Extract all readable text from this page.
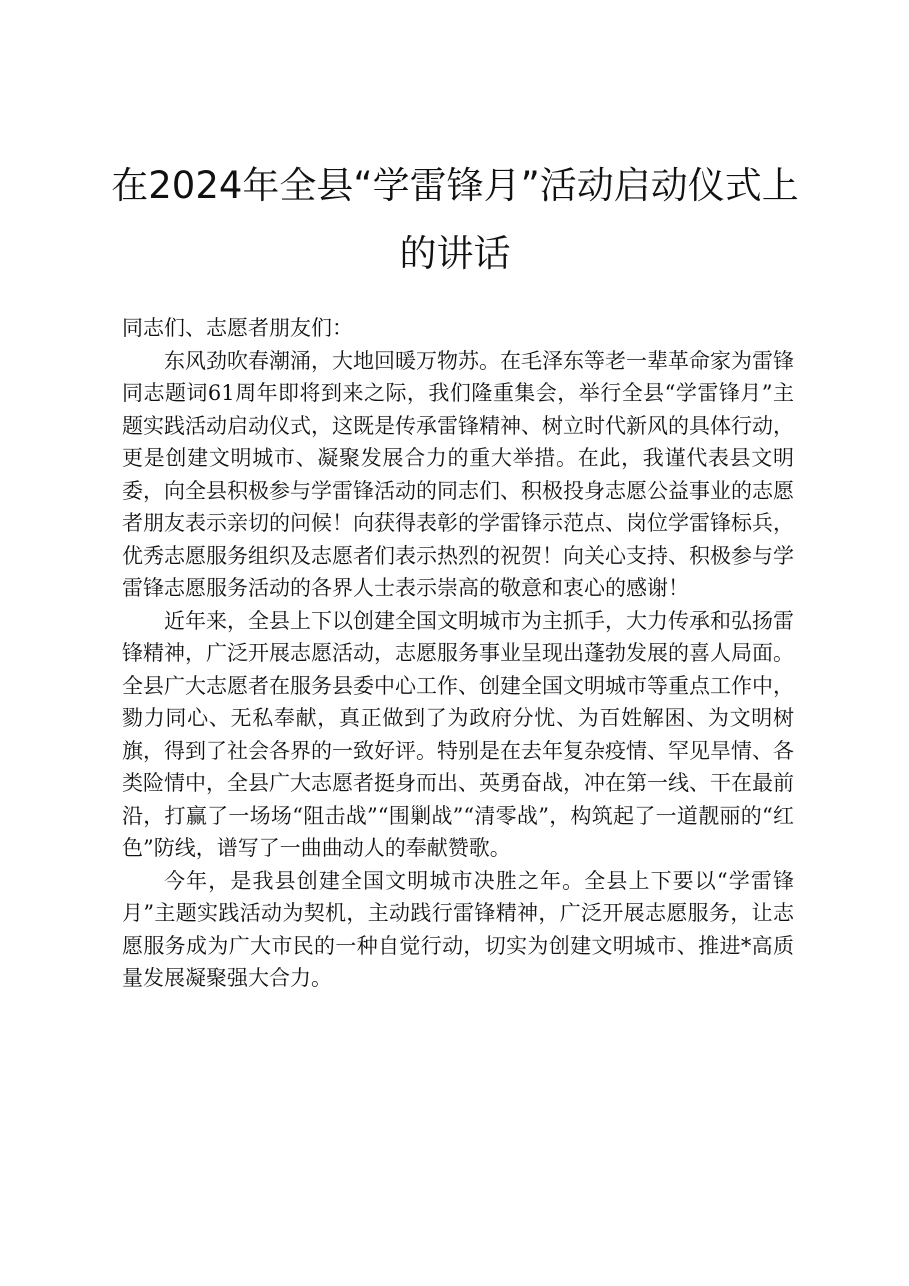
在2024年全县“学雷锋月”活动启动仪式上的讲话

同志们、志愿者朋友们：

东风劲吹春潮涌，大地回暖万物苏。在毛泽东等老一辈革命家为雷锋同志题词61周年即将到来之际，我们隆重集会，举行全县“学雷锋月”主题实践活动启动仪式，这既是传承雷锋精神、树立时代新风的具体行动，更是创建文明城市、凝聚发展合力的重大举措。在此，我谨代表县文明委，向全县积极参与学雷锋活动的同志们、积极投身志愿公益事业的志愿者朋友表示亲切的问候！向获得表彰的学雷锋示范点、岗位学雷锋标兵，优秀志愿服务组织及志愿者们表示热烈的祝贺！向关心支持、积极参与学雷锋志愿服务活动的各界人士表示崇高的敬意和衷心的感谢！

近年来，全县上下以创建全国文明城市为主抓手，大力传承和弘扬雷锋精神，广泛开展志愿活动，志愿服务事业呈现出蓬勃发展的喜人局面。全县广大志愿者在服务县委中心工作、创建全国文明城市等重点工作中，勠力同心、无私奉献，真正做到了为政府分忧、为百姓解困、为文明树旗，得到了社会各界的一致好评。特别是在去年复杂疫情、罕见旱情、各类险情中，全县广大志愿者挺身而出、英勇奋战，冲在第一线、干在最前沿，打赢了一场场“阻击战”“围剿战”“清零战”，构筑起了一道靓丽的“红色”防线，谱写了一曲曲动人的奉献赞歌。

今年，是我县创建全国文明城市决胜之年。全县上下要以“学雷锋月”主题实践活动为契机，主动践行雷锋精神，广泛开展志愿服务，让志愿服务成为广大市民的一种自觉行动，切实为创建文明城市、推进*高质量发展凝聚强大合力。
